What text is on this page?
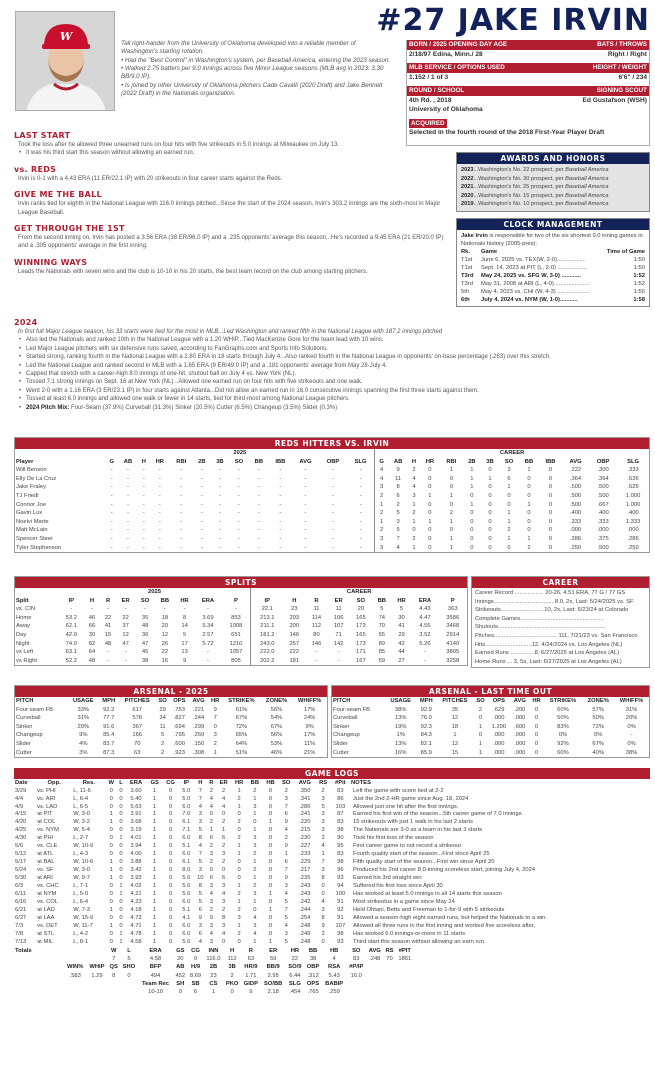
W	#27 JAKE IRVIN
Tall right-hander from the University of Oklahoma developed into a reliable member of Washington's starting rotation.
• Had the "Best Control" in Washington's system, per Baseball America, entering the 2023 season.
• Walked 2.75 batters per 9.0 innings across five Minor League seasons (MLB avg in 2023: 3.30 BB/9.0 IP).
• Is joined by other University of Oklahoma pitchers Cade Cavalli (2020 Draft) and Jake Bennett (2022 Draft) in the Nationals organization.
BORN / 2025 OPENING DAY AGE	BATS / THROWS
2/18/97 Edina, Minn./ 28	Right / Right
MLB SERVICE / OPTIONS USED	HEIGHT / WEIGHT
1.152 / 1 of 3	6'6" / 234
ROUND / SCHOOL	SIGNING SCOUT
4th Rd. , 2018	Ed Gustafson (WSH)
University of Oklahoma
ACQUIRED
Selected in the fourth round of the 2018 First-Year Player Draft
LAST START
Took the loss after he allowed three unearned runs on four hits with five strikeouts in 5.0 innings at Milwaukee on July 13.
• It was his third start this season without allowing an earned run.
vs. REDS
Irvin is 0-1 with a 4.43 ERA (11 ER/22.1 IP) with 20 strikeouts in four career starts against the Reds.
GIVE ME THE BALL
Irvin ranks tied for eighth in the National League with 116.0 innings pitched...Since the start of the 2024 season, Irvin's 303.2 innings are the sixth-most in Major League Baseball.
GET THROUGH THE 1ST
From the second inning on, Irvin has posted a 3.56 ERA (38 ER/96.0 IP) and a .235 opponents' average this season...He's recorded a 9.45 ERA (21 ER/20.0 IP) and a .305 opponents' average in the first inning.
WINNING WAYS
Leads the Nationals with seven wins and the club is 10-10 in his 20 starts, the best team record on the club among starting pitchers.
2024
In first full Major League season, his 33 starts were tied for the most in MLB...Led Washington and ranked fifth in the National League with 187.2 innings pitched
• Also led the Nationals and ranked 10th in the National League with a 1.20 WHIP...Tied MacKenzie Gore for the team lead with 10 wins.
• Led Major League pitchers with six defensive runs saved, according to FanGraphs.com and Sports Info Solutions.
• Started strong, ranking fourth in the National League with a 2.80 ERA in 18 starts through July 4...Also ranked fourth in the National League in opponents' on-base percentage (.263) over this stretch.
• Led the National League and ranked second in MLB with a 1.65 ERA (9 ER/49.0 IP) and a .181 opponents' average from May 28-July 4.
• Capped that stretch with a career-high 8.0 innings of one-hit, shutout ball on July 4 vs. New York (NL).
• Tossed 7.1 strong innings on Sept. 16 at New York (NL)...Allowed one earned run on four hits with five strikeouts and one walk.
• Went 2-0 with a 1.16 ERA (3 ER/23.1 IP) in four starts against Atlanta...Did not allow an earned run in 16.0 consecutive innings spanning the first three starts against them.
• Tossed at least 6.0 innings and allowed one walk or fewer in 14 starts, tied for third-most among National League pitchers.
• 2024 Pitch Mix: Four-Seam (37.9%) Curveball (31.3%) Sinker (20.5%) Cutter (6.5%) Changeup (3.5%) Slider (0.3%)
AWARDS AND HONORS
2023...Washington's No. 22 prospect, per Baseball America
2022...Washington's No. 30 prospect, per Baseball America
2021...Washington's No. 25 prospect, per Baseball America
2020...Washington's No. 15 prospect, per Baseball America
2019...Washington's No. 10 prospect, per Baseball America
CLOCK MANAGEMENT
Jake Irvin is responsible for two of the six shortest 9.0 inning games in Nationals history (2005-pres):
Rk.	Game	Time of Game
T1st	June 6, 2025 vs. TEX(W, 2-0)..................	1:50
T1st	Sept. 14, 2023 at PIT (L, 2-0) ..................	1:50
T3rd	May 24, 2025 vs. SFG W, 3-0) ............	1:52
T3rd	May 31, 2008 at ARI (L, 4-0)......................	1:52
5th	May 4, 2023 vs. CHI (W, 4-3) ....................	1:55
6th	July 4, 2024 vs. NYM (W, 1-0)...........	1:58
REDS HITTERS VS. IRVIN
	2025													CAREER												
Player	G	AB	H	HR	RBI	2B	3B	SO	BB	IBB	AVG	OBP	SLG	G	AB	H	HR	RBI	2B	3B	SO	BB	IBB	AVG	OBP	SLG
Will Benson	-	-	-	-	-	-	-	-	-	-	-	-	-	4	9	2	0	1	1	0	3	1	0	.222	.300	.333
Elly De La Cruz	-	-	-	-	-	-	-	-	-	-	-	-	-	4	11	4	0	0	1	1	6	0	0	.364	.364	.636
Jake Fraley	-	-	-	-	-	-	-	-	-	-	-	-	-	3	8	4	0	0	1	0	1	0	0	.500	.500	.625
TJ Friedl	-	-	-	-	-	-	-	-	-	-	-	-	-	2	6	3	1	1	0	0	0	0	0	.500	.500	1.000
Connor Joe	-	-	-	-	-	-	-	-	-	-	-	-	-	1	2	1	0	0	1	0	0	1	0	.500	.667	1.000
Gavin Lux	-	-	-	-	-	-	-	-	-	-	-	-	-	2	5	2	0	2	0	0	1	0	0	.400	.400	.400
Noelvi Marte	-	-	-	-	-	-	-	-	-	-	-	-	-	1	3	1	1	1	0	0	1	0	0	.333	.333	1.333
Matt McLain	-	-	-	-	-	-	-	-	-	-	-	-	-	2	5	0	0	0	0	0	2	0	0	.000	.000	.000
Spencer Steer	-	-	-	-	-	-	-	-	-	-	-	-	-	3	7	2	0	1	0	0	1	1	0	.286	.375	.286
Tyler Stephenson	-	-	-	-	-	-	-	-	-	-	-	-	-	3	4	1	0	1	0	0	0	2	0	.250	.500	.250
SPLITS
	2025									CAREER								
Split	IP	H	R	ER	SO	BB	HR	ERA	P	IP	H	R	ER	SO	BB	HR	ERA	P
vs. CIN	-	-	-	-	-	-	-	-	-	22.1	23	11	11	20	5	5	4.43	363
Home	53.2	46	22	22	35	18	8	3.69	853	213.1	203	114	106	165	74	30	4.47	3586
Away	62.1	66	41	37	48	20	14	5.34	1008	211.1	200	112	107	173	70	41	4.56	3468
Day	42.0	30	15	12	36	12	5	2.57	651	181.2	146	80	71	165	55	29	3.52	2914
Night	74.0	82	48	47	47	26	17	5.72	1210	243.0	257	146	142	173	89	42	5.26	4140
vs Left	63.1	64	-	-	45	22	13	-	1057	222.0	222	-	-	171	85	44	-	3805
vs Right	52.2	48	-	-	38	16	9	-	805	202.2	181	-	-	167	59	27	-	3258
CAREER
Career Record .................. 20-26, 4.51 ERA, 77 G / 77 GS
Innings..................................... 8.0, 2x, Last: 5/24/2025 vs. SF
Strikeouts...........................10, 2x, Last: 6/23/24 at Colorado
Complete Games....................................................
Shutouts...................................................................
Pitches....................................... 111, 7/21/23 vs. San Francisco
Hits.............................12, 4/24/2024 vs. Los Angeles (NL)
Earned Runs ...............8, 6/27/2025 at Los Angeles (AL)
Home Runs ... 3, 5x, Last: 6/27/2025 at Los Angeles (AL)
ARSENAL - 2025
PITCH	USAGE	MPH	PITCHES	SO	OPS	AVG	HR	STRIKE%	ZONE%	WHIFF%
Four-seam FB	33%	92.2	617	29	.753	.221	9	61%	56%	17%
Curveball	31%	77.7	578	34	.827	.244	7	67%	54%	24%
Sinker	20%	91.6	367	11	.694	.299	0	72%	67%	9%
Changeup	9%	85.4	166	5	.795	.260	3	65%	56%	17%
Slider	4%	83.7	70	2	.600	.150	2	64%	53%	11%
Cutter	3%	87.3	63	2	.923	.308	1	51%	46%	21%
ARSENAL - LAST TIME OUT
PITCH	USAGE	MPH	PITCHES	SO	OPS	AVG	HR	STRIKE%	ZONE%	WHIFF%
Four-seam FB	38%	92.9	35	2	.629	.200	0	60%	57%	31%
Curveball	13%	76.0	12	0	.000	.000	0	50%	50%	20%
Sinker	19%	92.3	18	1	1.200	.600	0	83%	72%	0%
Changeup	1%	84.3	1	0	.000	.000	0	0%	0%	-
Slider	13%	82.1	12	1	.000	.000	0	92%	67%	0%
Cutter	16%	85.9	15	1	.000	.000	0	60%	40%	38%
GAME LOGS
Date	Opp.	Res.	W	L	ERA	GS	CG	IP	H	R	ER	HR	BB	HB	SO	AVG	RS	#Pit	NOTES
3/29	vs. PHI	L, 11-6	0	0	3.60	1	0	5.0	7	2	2	1	2	0	2	.350	2	83	Left the game with score tied at 2-2
4/4	vs. ARI	L, 6-4	0	0	5.40	1	0	5.0	7	4	4	2	1	0	3	.341	3	86	Just the 2nd 2-HR game since Aug. 18, 2024
4/9	vs. LAD	L, 6-5	0	0	5.63	1	0	6.0	4	4	4	1	3	0	7	.286	5	103	Allowed just one hit after the first innings.
4/15	at PIT	W, 3-0	1	0	3.91	1	0	7.0	3	0	0	0	1	0	6	.241	3	87	Earned his first win of the season...5th career game of 7.0 innings.
4/20	at COL	W, 3-2	1	0	3.68	1	0	6.1	3	2	2	2	0	1	9	.220	3	83	15 strikeouts with just 1 walk in his last 2 starts
4/25	vs. NYM	W, 5-4	0	0	3.19	1	0	7.1	5	1	1	0	1	0	4	.215	3	98	The Nationals are 3-0 as a team in his last 3 starts
4/30	at PHI	L, 2-7	0	1	4.01	1	0	6.0	8	6	6	2	3	0	2	.230	2	90	Took his first loss of the season
5/6	vs. CLE	W, 10-9	0	0	3.94	1	0	5.1	4	2	2	1	3	0	0	.227	4	95	First career game to not record a strikeout
5/12	at ATL	L, 4-3	0	0	4.00	1	0	6.0	7	3	3	1	2	0	1	.233	1	83	Fourth quality start of the season...First since April 25
5/17	at BAL	W, 10-6	1	0	3.88	1	0	6.1	5	2	2	0	1	0	6	.229	7	98	Fifth quality start of the season...First win since April 20
5/24	vs. SF	W, 3-0	1	0	3.42	1	0	8.0	3	0	0	0	2	0	7	.217	3	96	Produced his 2nd career 8.0-inning scoreless start, joining July 4, 2024
5/30	at ARI	W, 9-7	1	0	3.93	1	0	5.0	10	6	6	0	1	0	0	.235	8	93	Earned his 3rd straight win
6/3	vs. CHC	L, 7-1	0	1	4.02	1	0	5.0	8	3	3	1	2	0	3	.243	0	94	Suffered his first loss since April 30
6/11	at NYM	L, 5-0	0	1	4.21	1	0	5.0	5	4	4	2	3	1	4	.243	0	100	Has worked at least 5.0 innings in all 14 starts this season
6/16	vs. COL	L, 6-4	0	0	4.23	1	0	6.0	5	3	3	1	1	0	5	.242	4	91	Most strikeotus in a game since May 24
6/21	at LAD	W, 7-3	1	0	4.18	1	0	5.1	6	2	2	2	0	1	7	.244	3	92	Held Ohtani, Betts and Freeman to 1-for-9 with 5 strikeouts
6/27	at LAA	W, 15-9	0	0	4.73	1	0	4.1	9	9	8	3	4	0	5	.254	8	91	Allowed a season-high eight earned runs, but helped the Nationals to a win.
7/3	vs. DET	W, 11-7	1	0	4.71	1	0	6.0	3	3	3	1	3	0	4	.248	9	107	Allowed all three runs in the first inning and worked five scoreless after.
7/8	at STL	L, 4-2	0	1	4.78	1	0	6.0	6	4	4	2	4	0	3	.249	2	98	Has worked 6.0 innings-or-more in 11 starts
7/13	at MIL	L, 8-1	0	1	4.58	1	0	5.0	4	3	0	0	1	1	5	.248	0	93	Third start this season without allowing an earn run.
Totals			W	L	ERA	GS	CG	INN	H	R	ER	HR	BB	HB	SO	AVG	RS	#PIT
			7	5	4.58	20	0	116.0	112	63	59	22	38	4	83	.248	70	1861
	WIN%	WHIP	QS	SHO	BFP	AB	H/9	2B	3B	HR/9	BB/9	SO/9	OBP	RSA	#P/IP			
	.583	1.29	8	0	494	452	8.69	23	2	1.71	2.95	6.44	.312	5.43	16.0			
					Team Rec	SH	SB	CS	PKO	GIDP	SO/BB	SLG	OPS	BABIP				
					10-10	0	6	1	0	9	2.18	.454	.765	.259				
